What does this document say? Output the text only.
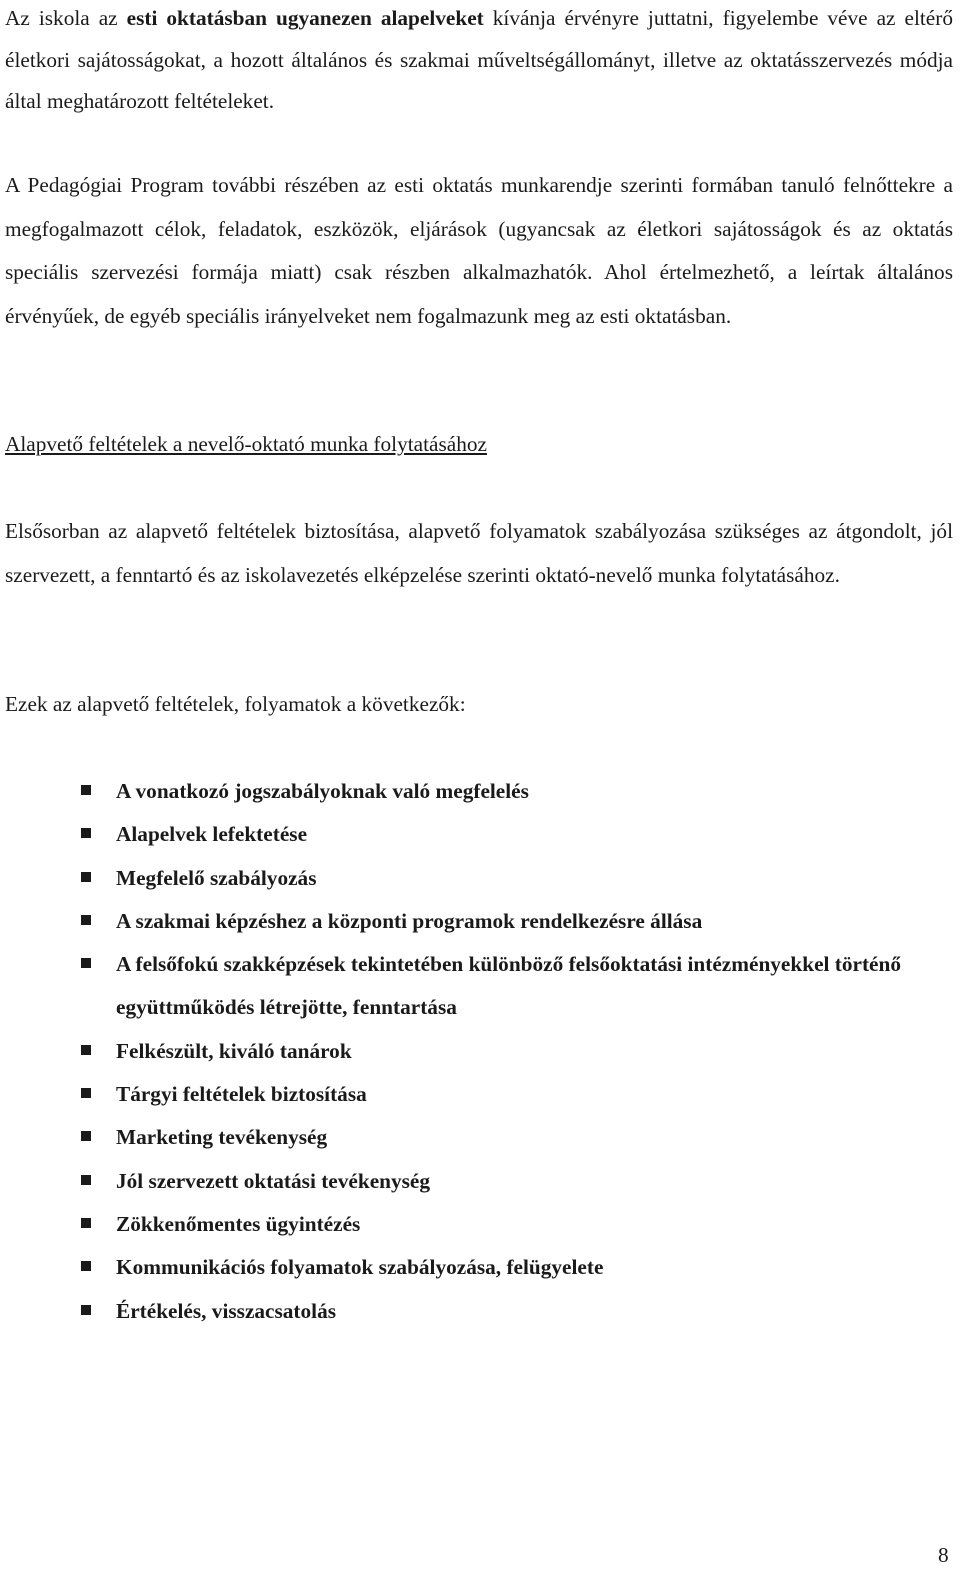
Az iskola az esti oktatásban ugyanezen alapelveket kívánja érvényre juttatni, figyelembe véve az eltérő életkori sajátosságokat, a hozott általános és szakmai műveltségállományt, illetve az oktatásszervezés módja által meghatározott feltételeket.

A Pedagógiai Program további részében az esti oktatás munkarendje szerinti formában tanuló felnőttekre a megfogalmazott célok, feladatok, eszközök, eljárások (ugyancsak az életkori sajátosságok és az oktatás speciális szervezési formája miatt) csak részben alkalmazhatók. Ahol értelmezhető, a leírtak általános érvényűek, de egyéb speciális irányelveket nem fogalmazunk meg az esti oktatásban.

Alapvető feltételek a nevelő-oktató munka folytatásához

Elsősorban az alapvető feltételek biztosítása, alapvető folyamatok szabályozása szükséges az átgondolt, jól szervezett, a fenntartó és az iskolavezetés elképzelése szerinti oktató-nevelő munka folytatásához.

Ezek az alapvető feltételek, folyamatok a következők:

A vonatkozó jogszabályoknak való megfelelés
Alapelvek lefektetése
Megfelelő szabályozás
A szakmai képzéshez a központi programok rendelkezésre állása
A felsőfokú szakképzések tekintetében különböző felsőoktatási intézményekkel történő együttműködés létrejötte, fenntartása
Felkészült, kiváló tanárok
Tárgyi feltételek biztosítása
Marketing tevékenység
Jól szervezett oktatási tevékenység
Zökkenőmentes ügyintézés
Kommunikációs folyamatok szabályozása, felügyelete
Értékelés, visszacsatolás
8
